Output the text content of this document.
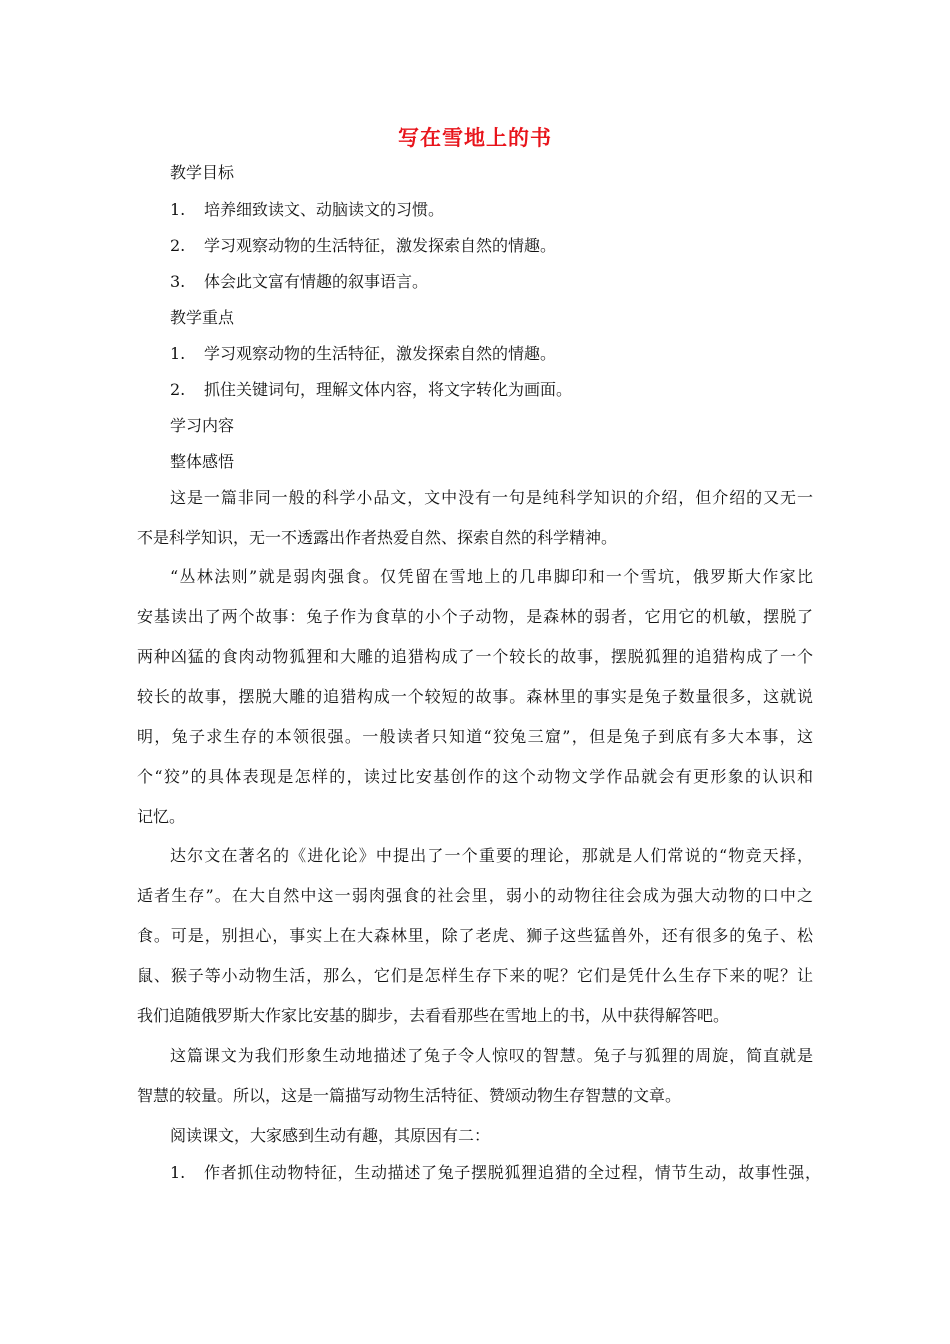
写在雪地上的书
教学目标
1. 培养细致读文、动脑读文的习惯。
2. 学习观察动物的生活特征，激发探索自然的情趣。
3. 体会此文富有情趣的叙事语言。
教学重点
1. 学习观察动物的生活特征，激发探索自然的情趣。
2. 抓住关键词句，理解文体内容，将文字转化为画面。
学习内容
整体感悟
这是一篇非同一般的科学小品文，文中没有一句是纯科学知识的介绍，但介绍的又无一
不是科学知识，无一不透露出作者热爱自然、探索自然的科学精神。
“丛林法则”就是弱肉强食。仅凭留在雪地上的几串脚印和一个雪坑，俄罗斯大作家比
安基读出了两个故事：兔子作为食草的小个子动物，是森林的弱者，它用它的机敏，摆脱了
两种凶猛的食肉动物狐狸和大雕的追猎构成了一个较长的故事，摆脱狐狸的追猎构成了一个
较长的故事，摆脱大雕的追猎构成一个较短的故事。森林里的事实是兔子数量很多，这就说
明，兔子求生存的本领很强。一般读者只知道“狡兔三窟”，但是兔子到底有多大本事，这
个“狡”的具体表现是怎样的，读过比安基创作的这个动物文学作品就会有更形象的认识和
记忆。
达尔文在著名的《进化论》中提出了一个重要的理论，那就是人们常说的“物竞天择，
适者生存”。在大自然中这一弱肉强食的社会里，弱小的动物往往会成为强大动物的口中之
食。可是，别担心，事实上在大森林里，除了老虎、狮子这些猛兽外，还有很多的兔子、松
鼠、猴子等小动物生活，那么，它们是怎样生存下来的呢？它们是凭什么生存下来的呢？让
我们追随俄罗斯大作家比安基的脚步，去看看那些在雪地上的书，从中获得解答吧。
这篇课文为我们形象生动地描述了兔子令人惊叹的智慧。兔子与狐狸的周旋，简直就是
智慧的较量。所以，这是一篇描写动物生活特征、赞颂动物生存智慧的文章。
阅读课文，大家感到生动有趣，其原因有二：
1. 作者抓住动物特征，生动描述了兔子摆脱狐狸追猎的全过程，情节生动，故事性强，
